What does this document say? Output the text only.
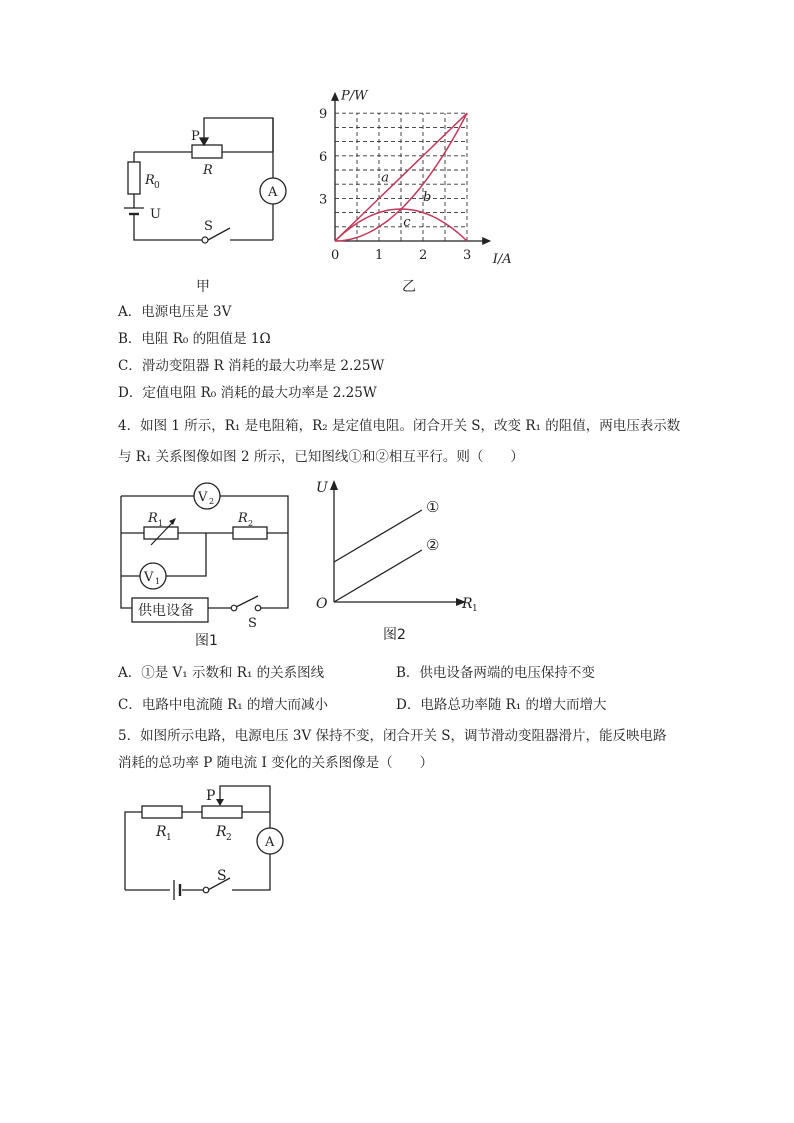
A
P
R
R 0
U
S
甲
9
6
3
0	1	2	3
P/W
I/A
a
b
c
乙
A．电源电压是 3V
B．电阻 R₀ 的阻值是 1Ω
C．滑动变阻器 R 消耗的最大功率是 2.25W
D．定值电阻 R₀ 消耗的最大功率是 2.25W
4．如图 1 所示，R₁ 是电阻箱，R₂ 是定值电阻。闭合开关 S，改变 R₁ 的阻值，两电压表示数
与 R₁ 关系图像如图 2 所示，已知图线①和②相互平行。则（　　）
V 2
V 1
R 1	R 2
供电设备
S
图1
U
R 1
O
①
②
图2
A．①是 V₁ 示数和 R₁ 的关系图线	B．供电设备两端的电压保持不变
C．电路中电流随 R₁ 的增大而减小	D．电路总功率随 R₁ 的增大而增大
5．如图所示电路，电源电压 3V 保持不变，闭合开关 S，调节滑动变阻器滑片，能反映电路
消耗的总功率 P 随电流 I 变化的关系图像是（　　）
A
P
R 1	R 2
S
